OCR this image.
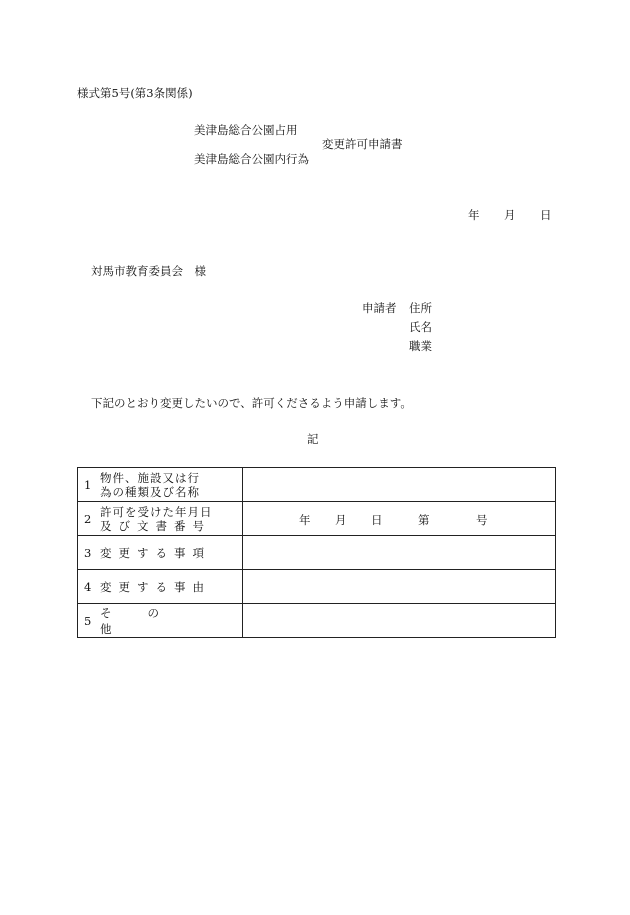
様式第5号(第3条関係)
美津島総合公園占用
変更許可申請書
美津島総合公園内行為
年 月 日
対馬市教育委員会　様
申請者 住所
氏名
職業
下記のとおり変更したいので、許可くださるよう申請します。
記
1 物件、施設又は行
為の種類及び名称	

2 許可を受けた年月日
及び文書番号	年 月 日 第 号

3 変更する事項	

4 変更する事由	

5
その他	
